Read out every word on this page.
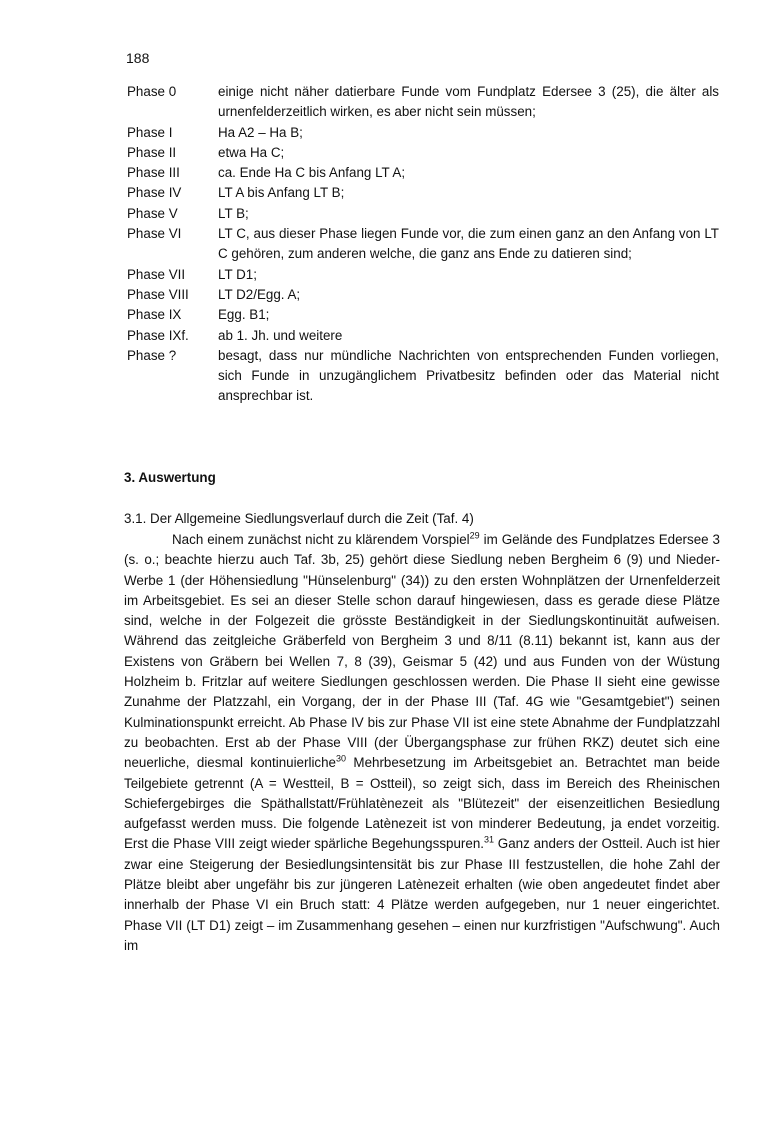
188
Phase 0	einige nicht näher datierbare Funde vom Fundplatz Edersee 3 (25), die älter als urnenfelderzeitlich wirken, es aber nicht sein müssen;
Phase I	Ha A2 – Ha B;
Phase II	etwa Ha C;
Phase III	ca. Ende Ha C bis Anfang LT A;
Phase IV	LT A bis Anfang LT B;
Phase V	LT B;
Phase VI	LT C, aus dieser Phase liegen Funde vor, die zum einen ganz an den Anfang von LT C gehören, zum anderen welche, die ganz ans Ende zu datieren sind;
Phase VII	LT D1;
Phase VIII	LT D2/Egg. A;
Phase IX	Egg. B1;
Phase IXf.	ab 1. Jh. und weitere
Phase ?	besagt, dass nur mündliche Nachrichten von entsprechenden Funden vorliegen, sich Funde in unzugänglichem Privatbesitz befinden oder das Material nicht ansprechbar ist.
3. Auswertung
3.1. Der Allgemeine Siedlungsverlauf durch die Zeit (Taf. 4)
Nach einem zunächst nicht zu klärendem Vorspiel$^{29}$ im Gelände des Fundplatzes Edersee 3 (s. o.; beachte hierzu auch Taf. 3b, 25) gehört diese Siedlung neben Bergheim 6 (9) und Nieder-Werbe 1 (der Höhensiedlung "Hünselenburg" (34)) zu den ersten Wohnplätzen der Urnenfelderzeit im Arbeitsgebiet. Es sei an dieser Stelle schon darauf hingewiesen, dass es gerade diese Plätze sind, welche in der Folgezeit die grösste Beständigkeit in der Siedlungskontinuität aufweisen. Während das zeitgleiche Gräberfeld von Bergheim 3 und 8/11 (8.11) bekannt ist, kann aus der Existens von Gräbern bei Wellen 7, 8 (39), Geismar 5 (42) und aus Funden von der Wüstung Holzheim b. Fritzlar auf weitere Siedlungen geschlossen werden. Die Phase II sieht eine gewisse Zunahme der Platzzahl, ein Vorgang, der in der Phase III (Taf. 4G wie "Gesamtgebiet") seinen Kulminationspunkt erreicht. Ab Phase IV bis zur Phase VII ist eine stete Abnahme der Fundplatzzahl zu beobachten. Erst ab der Phase VIII (der Übergangsphase zur frühen RKZ) deutet sich eine neuerliche, diesmal kontinuierliche$^{30}$ Mehrbesetzung im Arbeitsgebiet an. Betrachtet man beide Teilgebiete getrennt (A = Westteil, B = Ostteil), so zeigt sich, dass im Bereich des Rheinischen Schiefergebirges die Späthallstatt/Frühlatènezeit als "Blütezeit" der eisenzeitlichen Besiedlung aufgefasst werden muss. Die folgende Latènezeit ist von minderer Bedeutung, ja endet vorzeitig. Erst die Phase VIII zeigt wieder spärliche Begehungsspuren.$^{31}$ Ganz anders der Ostteil. Auch ist hier zwar eine Steigerung der Besiedlungsintensität bis zur Phase III festzustellen, die hohe Zahl der Plätze bleibt aber ungefähr bis zur jüngeren Latènezeit erhalten (wie oben angedeutet findet aber innerhalb der Phase VI ein Bruch statt: 4 Plätze werden aufgegeben, nur 1 neuer eingerichtet. Phase VII (LT D1) zeigt – im Zusammenhang gesehen – einen nur kurzfristigen "Aufschwung". Auch im
